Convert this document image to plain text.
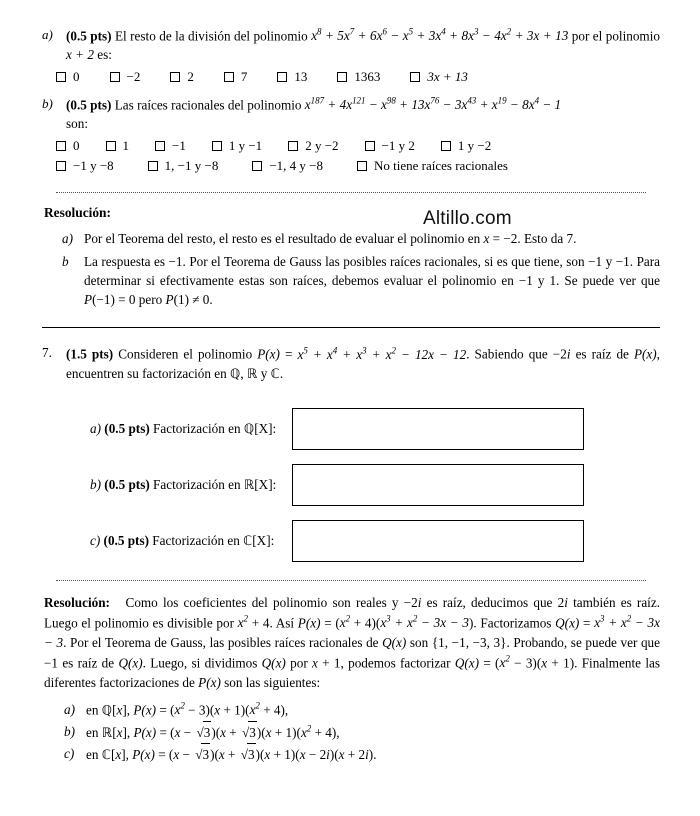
a) (0.5 pts) El resto de la división del polinomio $x^8 + 5x^7 + 6x^6 - x^5 + 3x^4 + 8x^3 - 4x^2 + 3x + 13$ por el polinomio x + 2 es:
0	−2	2	7	13	1363	3x + 13
b) (0.5 pts) Las raíces racionales del polinomio $x^{187} + 4x^{121} - x^{98} + 13x^{76} - 3x^{43} + x^{19} - 8x^4 - 1$
son:
0	1	−1	1 y −1	2 y −2	−1 y 2	1 y −2
−1 y −8	1, −1 y −8	−1, 4 y −8	No tiene raíces racionales
Resolución:	Altillo.com
a) Por el Teorema del resto, el resto es el resultado de evaluar el polinomio en x = −2. Esto da 7.
b	La respuesta es −1. Por el Teorema de Gauss las posibles raíces racionales, si es que tiene, son −1 y −1. Para determinar si efectivamente estas son raíces, debemos evaluar el polinomio en −1 y 1. Se puede ver que P(−1) = 0 pero P(1) ≠ 0.
7.	(1.5 pts) Consideren el polinomio $P(x) = x^5 + x^4 + x^3 + x^2 - 12x - 12$. Sabiendo que −2i es raíz de P(x), encuentren su factorización en ℚ, ℝ y ℂ.
a) (0.5 pts) Factorización en ℚ[X]:
b) (0.5 pts) Factorización en ℝ[X]:
c) (0.5 pts) Factorización en ℂ[X]:
Resolución:   Como los coeficientes del polinomio son reales y −2i es raíz, deducimos que 2i también es raíz. Luego el polinomio es divisible por $x^2 + 4$. Así $P(x) = (x^2 + 4)(x^3 + x^2 - 3x - 3)$. Factorizamos $Q(x) = x^3 + x^2 - 3x - 3$. Por el Teorema de Gauss, las posibles raíces racionales de Q(x) son {1, −1, −3, 3}. Probando, se puede ver que −1 es raíz de Q(x). Luego, si dividimos Q(x) por x + 1, podemos factorizar $Q(x) = (x^2 - 3)(x + 1)$. Finalmente las diferentes factorizaciones de P(x) son las siguientes:
a) en ℚ[x], $P(x) = (x^2 - 3)(x + 1)(x^2 + 4)$,
b) en ℝ[x], P(x) = (x − √ 3)(x + √ $3)(x + 1)(x^2 + 4)$,
c) en ℂ[x], P(x) = (x − √ 3)(x + √ 3)(x + 1)(x − 2i)(x + 2i).
